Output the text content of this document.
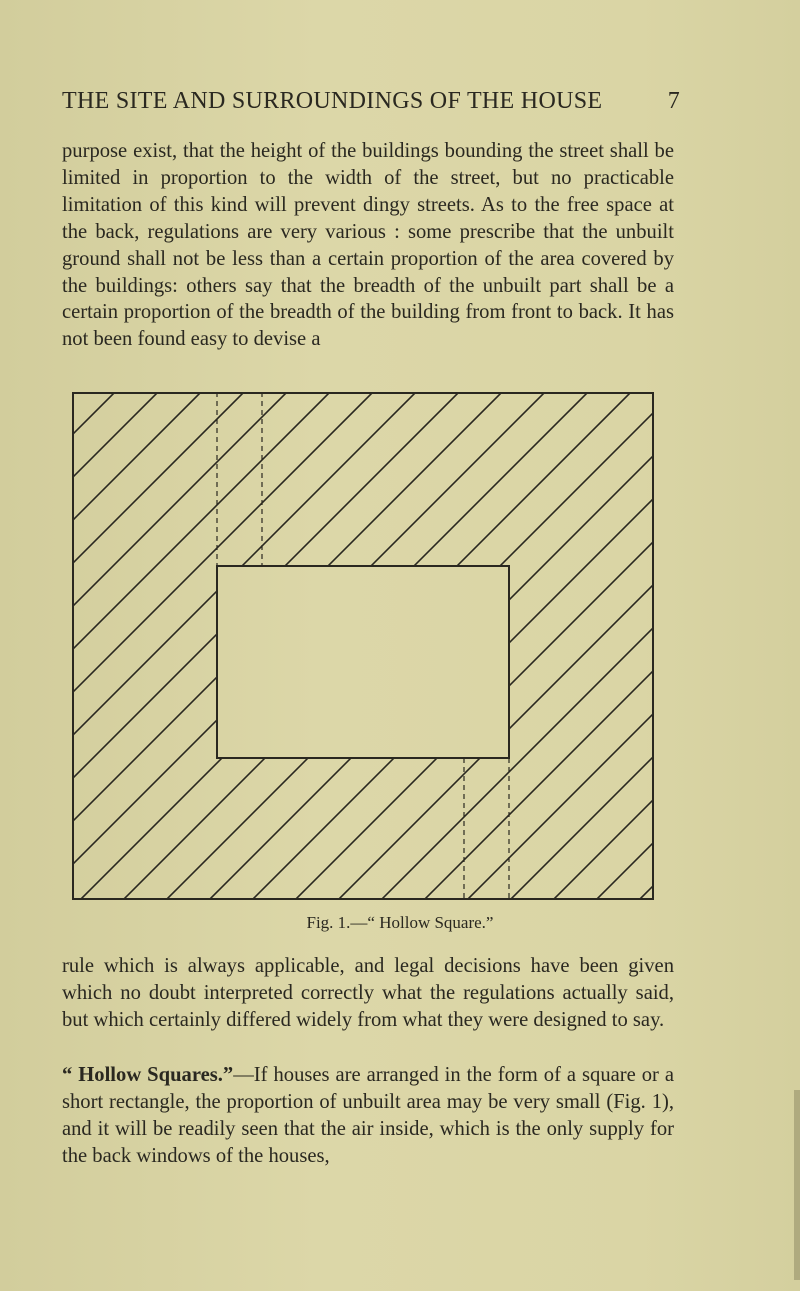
THE SITE AND SURROUNDINGS OF THE HOUSE	7

purpose exist, that the height of the buildings bounding the street shall be limited in proportion to the width of the street, but no practicable limitation of this kind will prevent dingy streets. As to the free space at the back, regulations are very various : some prescribe that the unbuilt ground shall not be less than a certain proportion of the area covered by the buildings: others say that the breadth of the unbuilt part shall be a certain proportion of the breadth of the building from front to back. It has not been found easy to devise a

Fig. 1.—“ Hollow Square.”

rule which is always applicable, and legal decisions have been given which no doubt interpreted correctly what the regulations actually said, but which certainly differed widely from what they were designed to say.

“ Hollow Squares.”—If houses are arranged in the form of a square or a short rectangle, the proportion of unbuilt area may be very small (Fig. 1), and it will be readily seen that the air inside, which is the only supply for the back windows of the houses,
